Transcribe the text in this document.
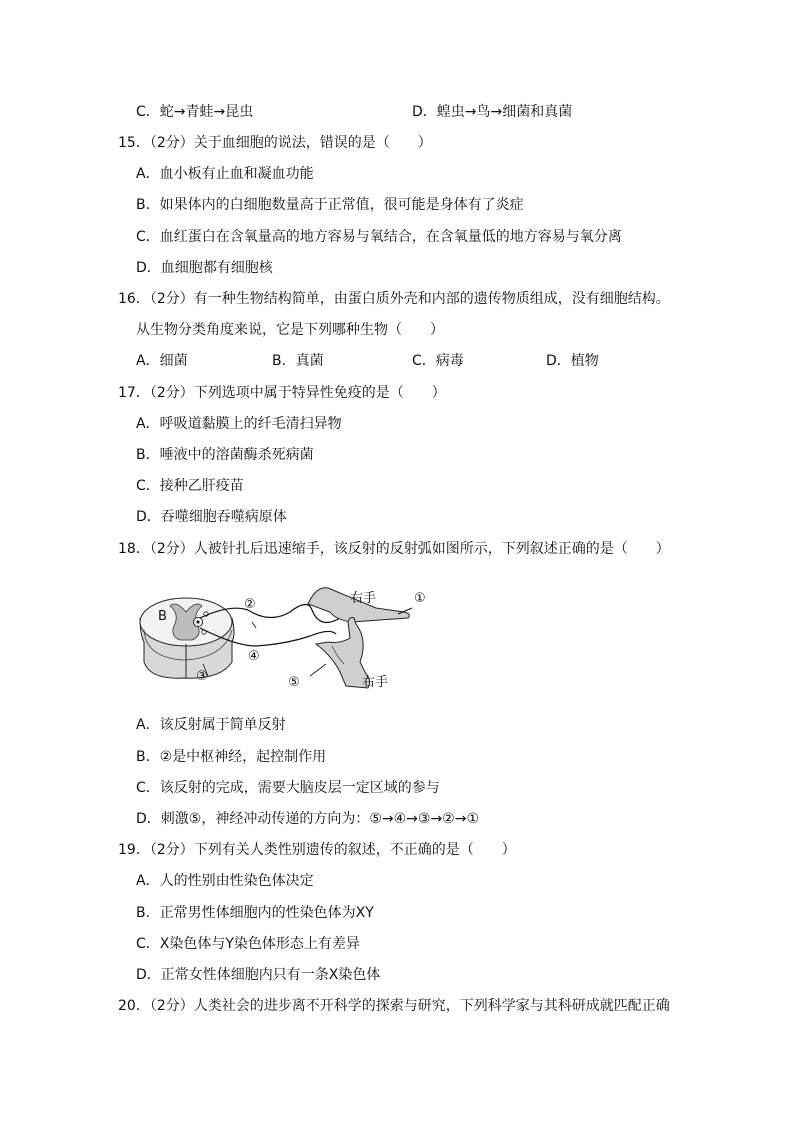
C．蛇→青蛙→昆虫	D．蝗虫→鸟→细菌和真菌
15．（2分）关于血细胞的说法，错误的是（　　）
A．血小板有止血和凝血功能
B．如果体内的白细胞数量高于正常值，很可能是身体有了炎症
C．血红蛋白在含氧量高的地方容易与氧结合，在含氧量低的地方容易与氧分离
D．血细胞都有细胞核
16．（2分）有一种生物结构简单，由蛋白质外壳和内部的遗传物质组成，没有细胞结构。
从生物分类角度来说，它是下列哪种生物（　　）
A．细菌	B．真菌	C．病毒	D．植物
17．（2分）下列选项中属于特异性免疫的是（　　）
A．呼吸道黏膜上的纤毛清扫异物
B．唾液中的溶菌酶杀死病菌
C．接种乙肝疫苗
D．吞噬细胞吞噬病原体
18．（2分）人被针扎后迅速缩手，该反射的反射弧如图所示，下列叙述正确的是（　　）
B
②	①
④
⑤
③
右手
右手
A．该反射属于简单反射
B．②是中枢神经，起控制作用
C．该反射的完成，需要大脑皮层一定区域的参与
D．刺激⑤，神经冲动传递的方向为：⑤→④→③→②→①
19．（2分）下列有关人类性别遗传的叙述，不正确的是（　　）
A．人的性别由性染色体决定
B．正常男性体细胞内的性染色体为XY
C．X染色体与Y染色体形态上有差异
D．正常女性体细胞内只有一条X染色体
20．（2分）人类社会的进步离不开科学的探索与研究，下列科学家与其科研成就匹配正确
